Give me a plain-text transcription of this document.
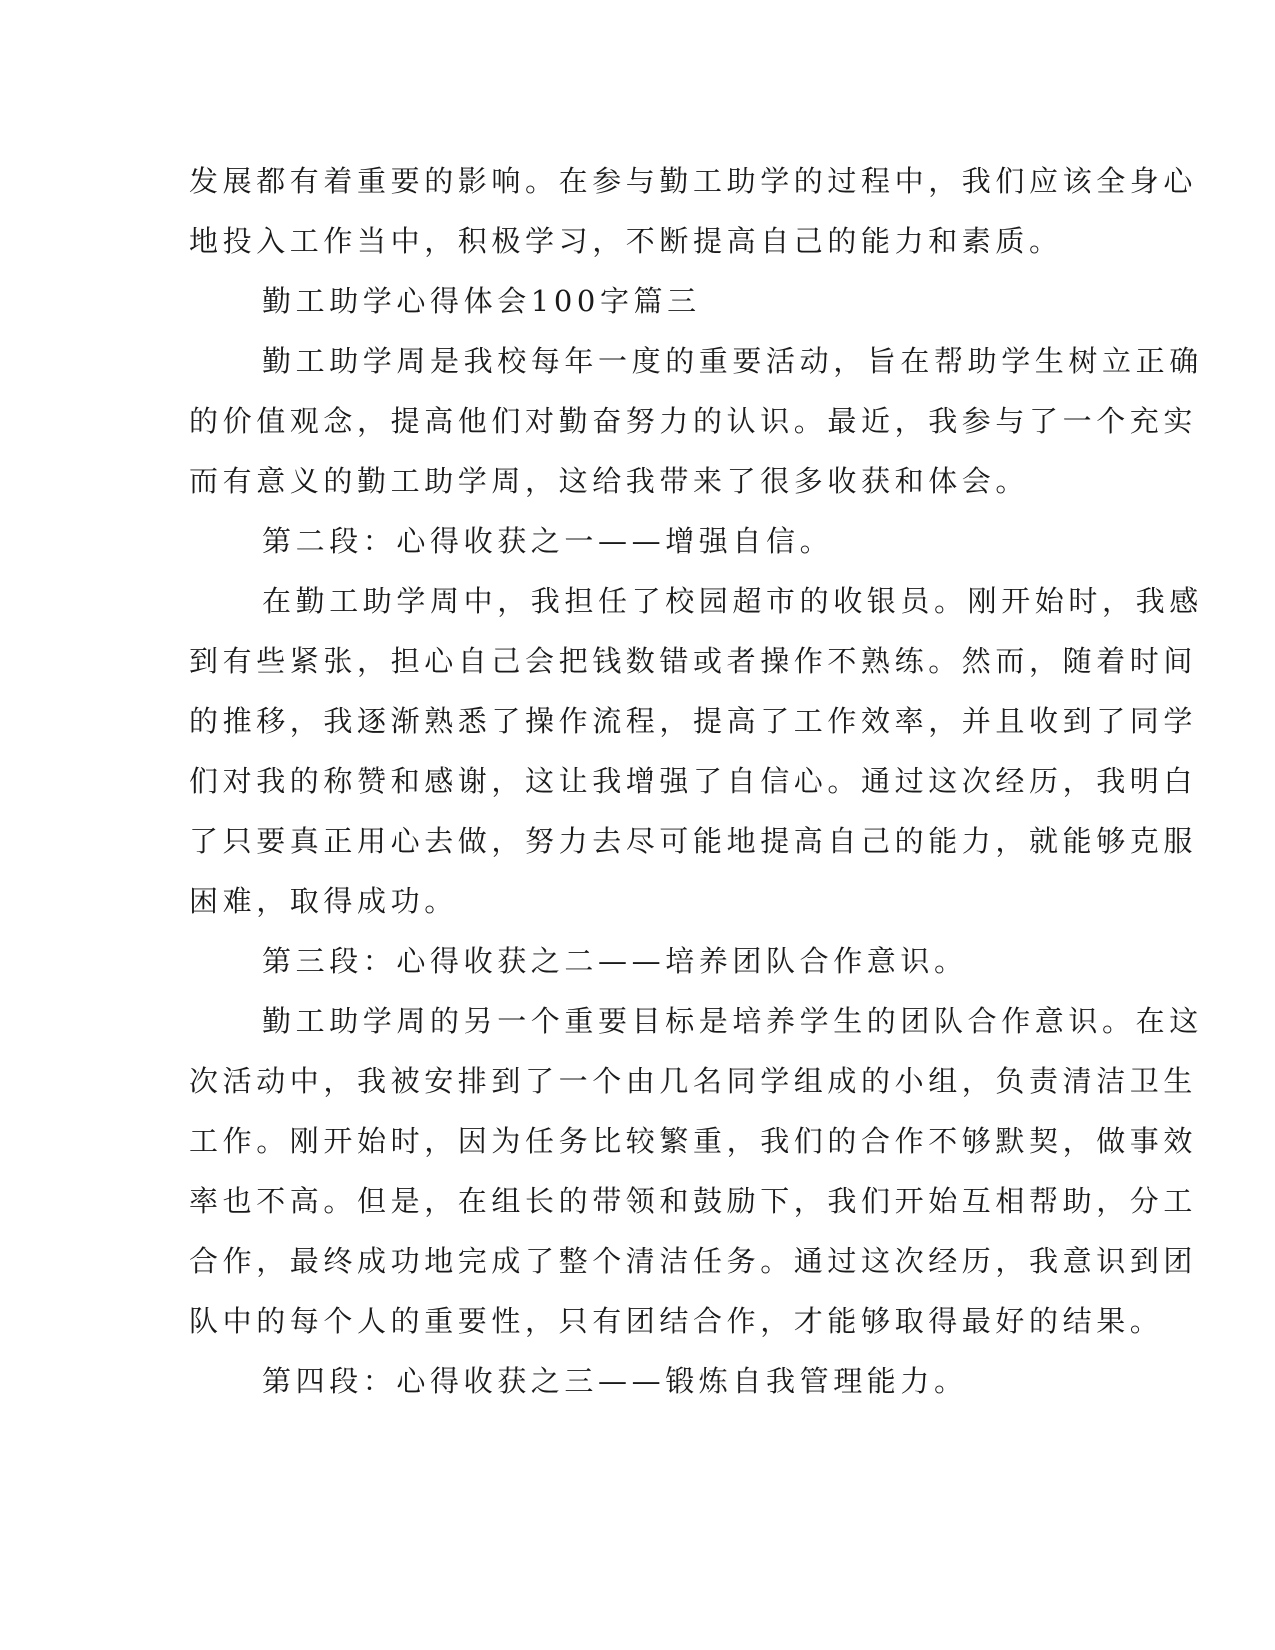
发展都有着重要的影响。在参与勤工助学的过程中，我们应该全身心
地投入工作当中，积极学习，不断提高自己的能力和素质。
勤工助学心得体会100字篇三
勤工助学周是我校每年一度的重要活动，旨在帮助学生树立正确
的价值观念，提高他们对勤奋努力的认识。最近，我参与了一个充实
而有意义的勤工助学周，这给我带来了很多收获和体会。
第二段：心得收获之一——增强自信。
在勤工助学周中，我担任了校园超市的收银员。刚开始时，我感
到有些紧张，担心自己会把钱数错或者操作不熟练。然而，随着时间
的推移，我逐渐熟悉了操作流程，提高了工作效率，并且收到了同学
们对我的称赞和感谢，这让我增强了自信心。通过这次经历，我明白
了只要真正用心去做，努力去尽可能地提高自己的能力，就能够克服
困难，取得成功。
第三段：心得收获之二——培养团队合作意识。
勤工助学周的另一个重要目标是培养学生的团队合作意识。在这
次活动中，我被安排到了一个由几名同学组成的小组，负责清洁卫生
工作。刚开始时，因为任务比较繁重，我们的合作不够默契，做事效
率也不高。但是，在组长的带领和鼓励下，我们开始互相帮助，分工
合作，最终成功地完成了整个清洁任务。通过这次经历，我意识到团
队中的每个人的重要性，只有团结合作，才能够取得最好的结果。
第四段：心得收获之三——锻炼自我管理能力。
